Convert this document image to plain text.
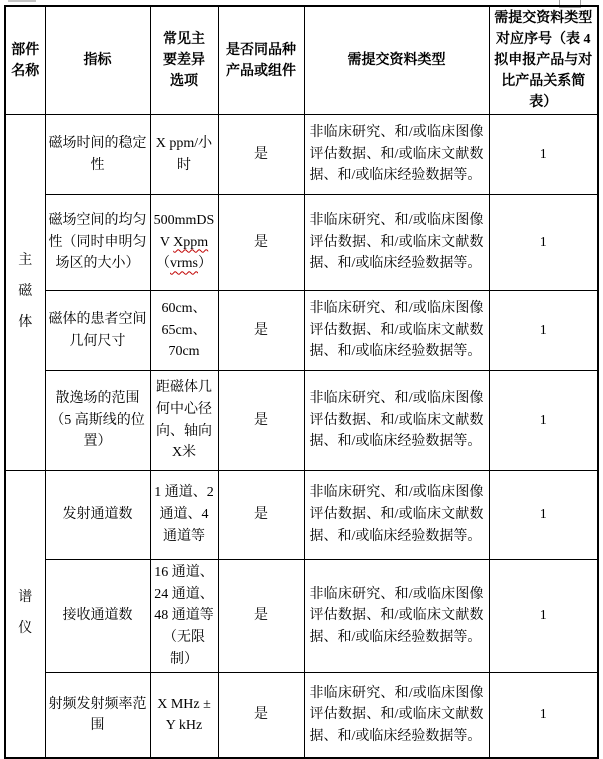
部件名称	指标	常见主要差异选项	是否同品种产品或组件	需提交资料类型	需提交资料类型对应序号（表 4 拟申报产品与对比产品关系简表）

主磁体	磁场时间的稳定性	X ppm/小时	是	非临床研究、和/或临床图像评估数据、和/或临床文献数据、和/或临床经验数据等。	1
	磁场空间的均匀性（同时申明匀场区的大小）	500mmDSV Xppm（vrms）	是	非临床研究、和/或临床图像评估数据、和/或临床文献数据、和/或临床经验数据等。	1
	磁体的患者空间几何尺寸	60cm、65cm、70cm	是	非临床研究、和/或临床图像评估数据、和/或临床文献数据、和/或临床经验数据等。	1
	散逸场的范围（5 高斯线的位置）	距磁体几何中心径向、轴向X米	是	非临床研究、和/或临床图像评估数据、和/或临床文献数据、和/或临床经验数据等。	1

谱仪	发射通道数	1 通道、2 通道、4 通道等	是	非临床研究、和/或临床图像评估数据、和/或临床文献数据、和/或临床经验数据等。	1
	接收通道数	16 通道、24 通道、48 通道等（无限制）	是	非临床研究、和/或临床图像评估数据、和/或临床文献数据、和/或临床经验数据等。	1
	射频发射频率范围	X MHz ± Y kHz	是	非临床研究、和/或临床图像评估数据、和/或临床文献数据、和/或临床经验数据等。	1
